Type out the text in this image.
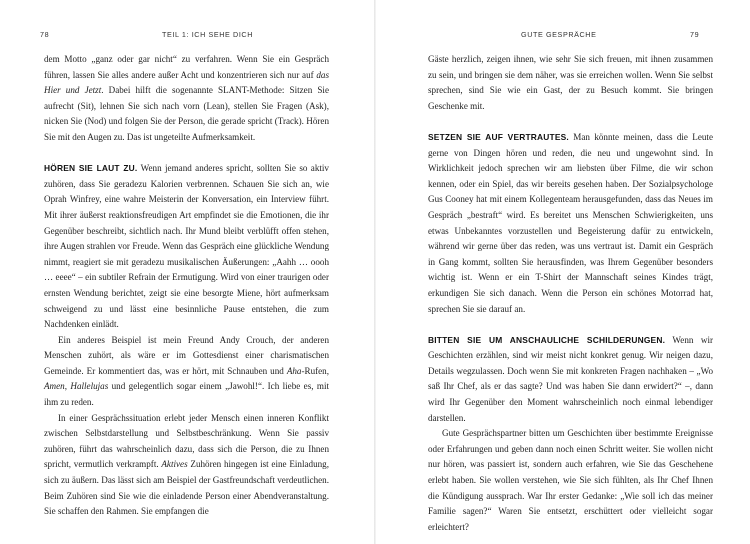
78	TEIL 1: ICH SEHE DICH

dem Motto „ganz oder gar nicht“ zu verfahren. Wenn Sie ein Gespräch führen, lassen Sie alles andere außer Acht und konzentrieren sich nur auf das Hier und Jetzt. Dabei hilft die sogenannte SLANT-Methode: Sitzen Sie aufrecht (Sit), lehnen Sie sich nach vorn (Lean), stellen Sie Fragen (Ask), nicken Sie (Nod) und folgen Sie der Person, die gerade spricht (Track). Hören Sie mit den Augen zu. Das ist ungeteilte Aufmerksamkeit.

HÖREN SIE LAUT ZU. Wenn jemand anderes spricht, sollten Sie so aktiv zuhören, dass Sie geradezu Kalorien verbrennen. Schauen Sie sich an, wie Oprah Winfrey, eine wahre Meisterin der Konversation, ein Interview führt. Mit ihrer äußerst reaktionsfreudigen Art empfindet sie die Emotionen, die ihr Gegenüber beschreibt, sichtlich nach. Ihr Mund bleibt verblüfft offen stehen, ihre Augen strahlen vor Freude. Wenn das Gespräch eine glückliche Wendung nimmt, reagiert sie mit geradezu musikalischen Äußerungen: „Aahh … oooh … eeee“ – ein subtiler Refrain der Ermutigung. Wird von einer traurigen oder ernsten Wendung berichtet, zeigt sie eine besorgte Miene, hört aufmerksam schweigend zu und lässt eine besinnliche Pause entstehen, die zum Nachdenken einlädt.

Ein anderes Beispiel ist mein Freund Andy Crouch, der anderen Menschen zuhört, als wäre er im Gottesdienst einer charismatischen Gemeinde. Er kommentiert das, was er hört, mit Schnauben und Aha-Rufen, Amen, Hallelujas und gelegentlich sogar einem „Jawohl!“. Ich liebe es, mit ihm zu reden.

In einer Gesprächssituation erlebt jeder Mensch einen inneren Konflikt zwischen Selbstdarstellung und Selbstbeschränkung. Wenn Sie passiv zuhören, führt das wahrscheinlich dazu, dass sich die Person, die zu Ihnen spricht, vermutlich verkrampft. Aktives Zuhören hingegen ist eine Einladung, sich zu äußern. Das lässt sich am Beispiel der Gastfreundschaft verdeutlichen. Beim Zuhören sind Sie wie die einladende Person einer Abendveranstaltung. Sie schaffen den Rahmen. Sie empfangen die

GUTE GESPRÄCHE	79

Gäste herzlich, zeigen ihnen, wie sehr Sie sich freuen, mit ihnen zusammen zu sein, und bringen sie dem näher, was sie erreichen wollen. Wenn Sie selbst sprechen, sind Sie wie ein Gast, der zu Besuch kommt. Sie bringen Geschenke mit.

SETZEN SIE AUF VERTRAUTES. Man könnte meinen, dass die Leute gerne von Dingen hören und reden, die neu und ungewohnt sind. In Wirklichkeit jedoch sprechen wir am liebsten über Filme, die wir schon kennen, oder ein Spiel, das wir bereits gesehen haben. Der Sozialpsychologe Gus Cooney hat mit einem Kollegenteam herausgefunden, dass das Neues im Gespräch „bestraft“ wird. Es bereitet uns Menschen Schwierigkeiten, uns etwas Unbekanntes vorzustellen und Begeisterung dafür zu entwickeln, während wir gerne über das reden, was uns vertraut ist. Damit ein Gespräch in Gang kommt, sollten Sie herausfinden, was Ihrem Gegenüber besonders wichtig ist. Wenn er ein T-Shirt der Mannschaft seines Kindes trägt, erkundigen Sie sich danach. Wenn die Person ein schönes Motorrad hat, sprechen Sie sie darauf an.

BITTEN SIE UM ANSCHAULICHE SCHILDERUNGEN. Wenn wir Geschichten erzählen, sind wir meist nicht konkret genug. Wir neigen dazu, Details wegzulassen. Doch wenn Sie mit konkreten Fragen nachhaken – „Wo saß Ihr Chef, als er das sagte? Und was haben Sie dann erwidert?“ –, dann wird Ihr Gegenüber den Moment wahrscheinlich noch einmal lebendiger darstellen.

Gute Gesprächspartner bitten um Geschichten über bestimmte Ereignisse oder Erfahrungen und geben dann noch einen Schritt weiter. Sie wollen nicht nur hören, was passiert ist, sondern auch erfahren, wie Sie das Geschehene erlebt haben. Sie wollen verstehen, wie Sie sich fühlten, als Ihr Chef Ihnen die Kündigung aussprach. War Ihr erster Gedanke: „Wie soll ich das meiner Familie sagen?“ Waren Sie entsetzt, erschüttert oder vielleicht sogar erleichtert?
